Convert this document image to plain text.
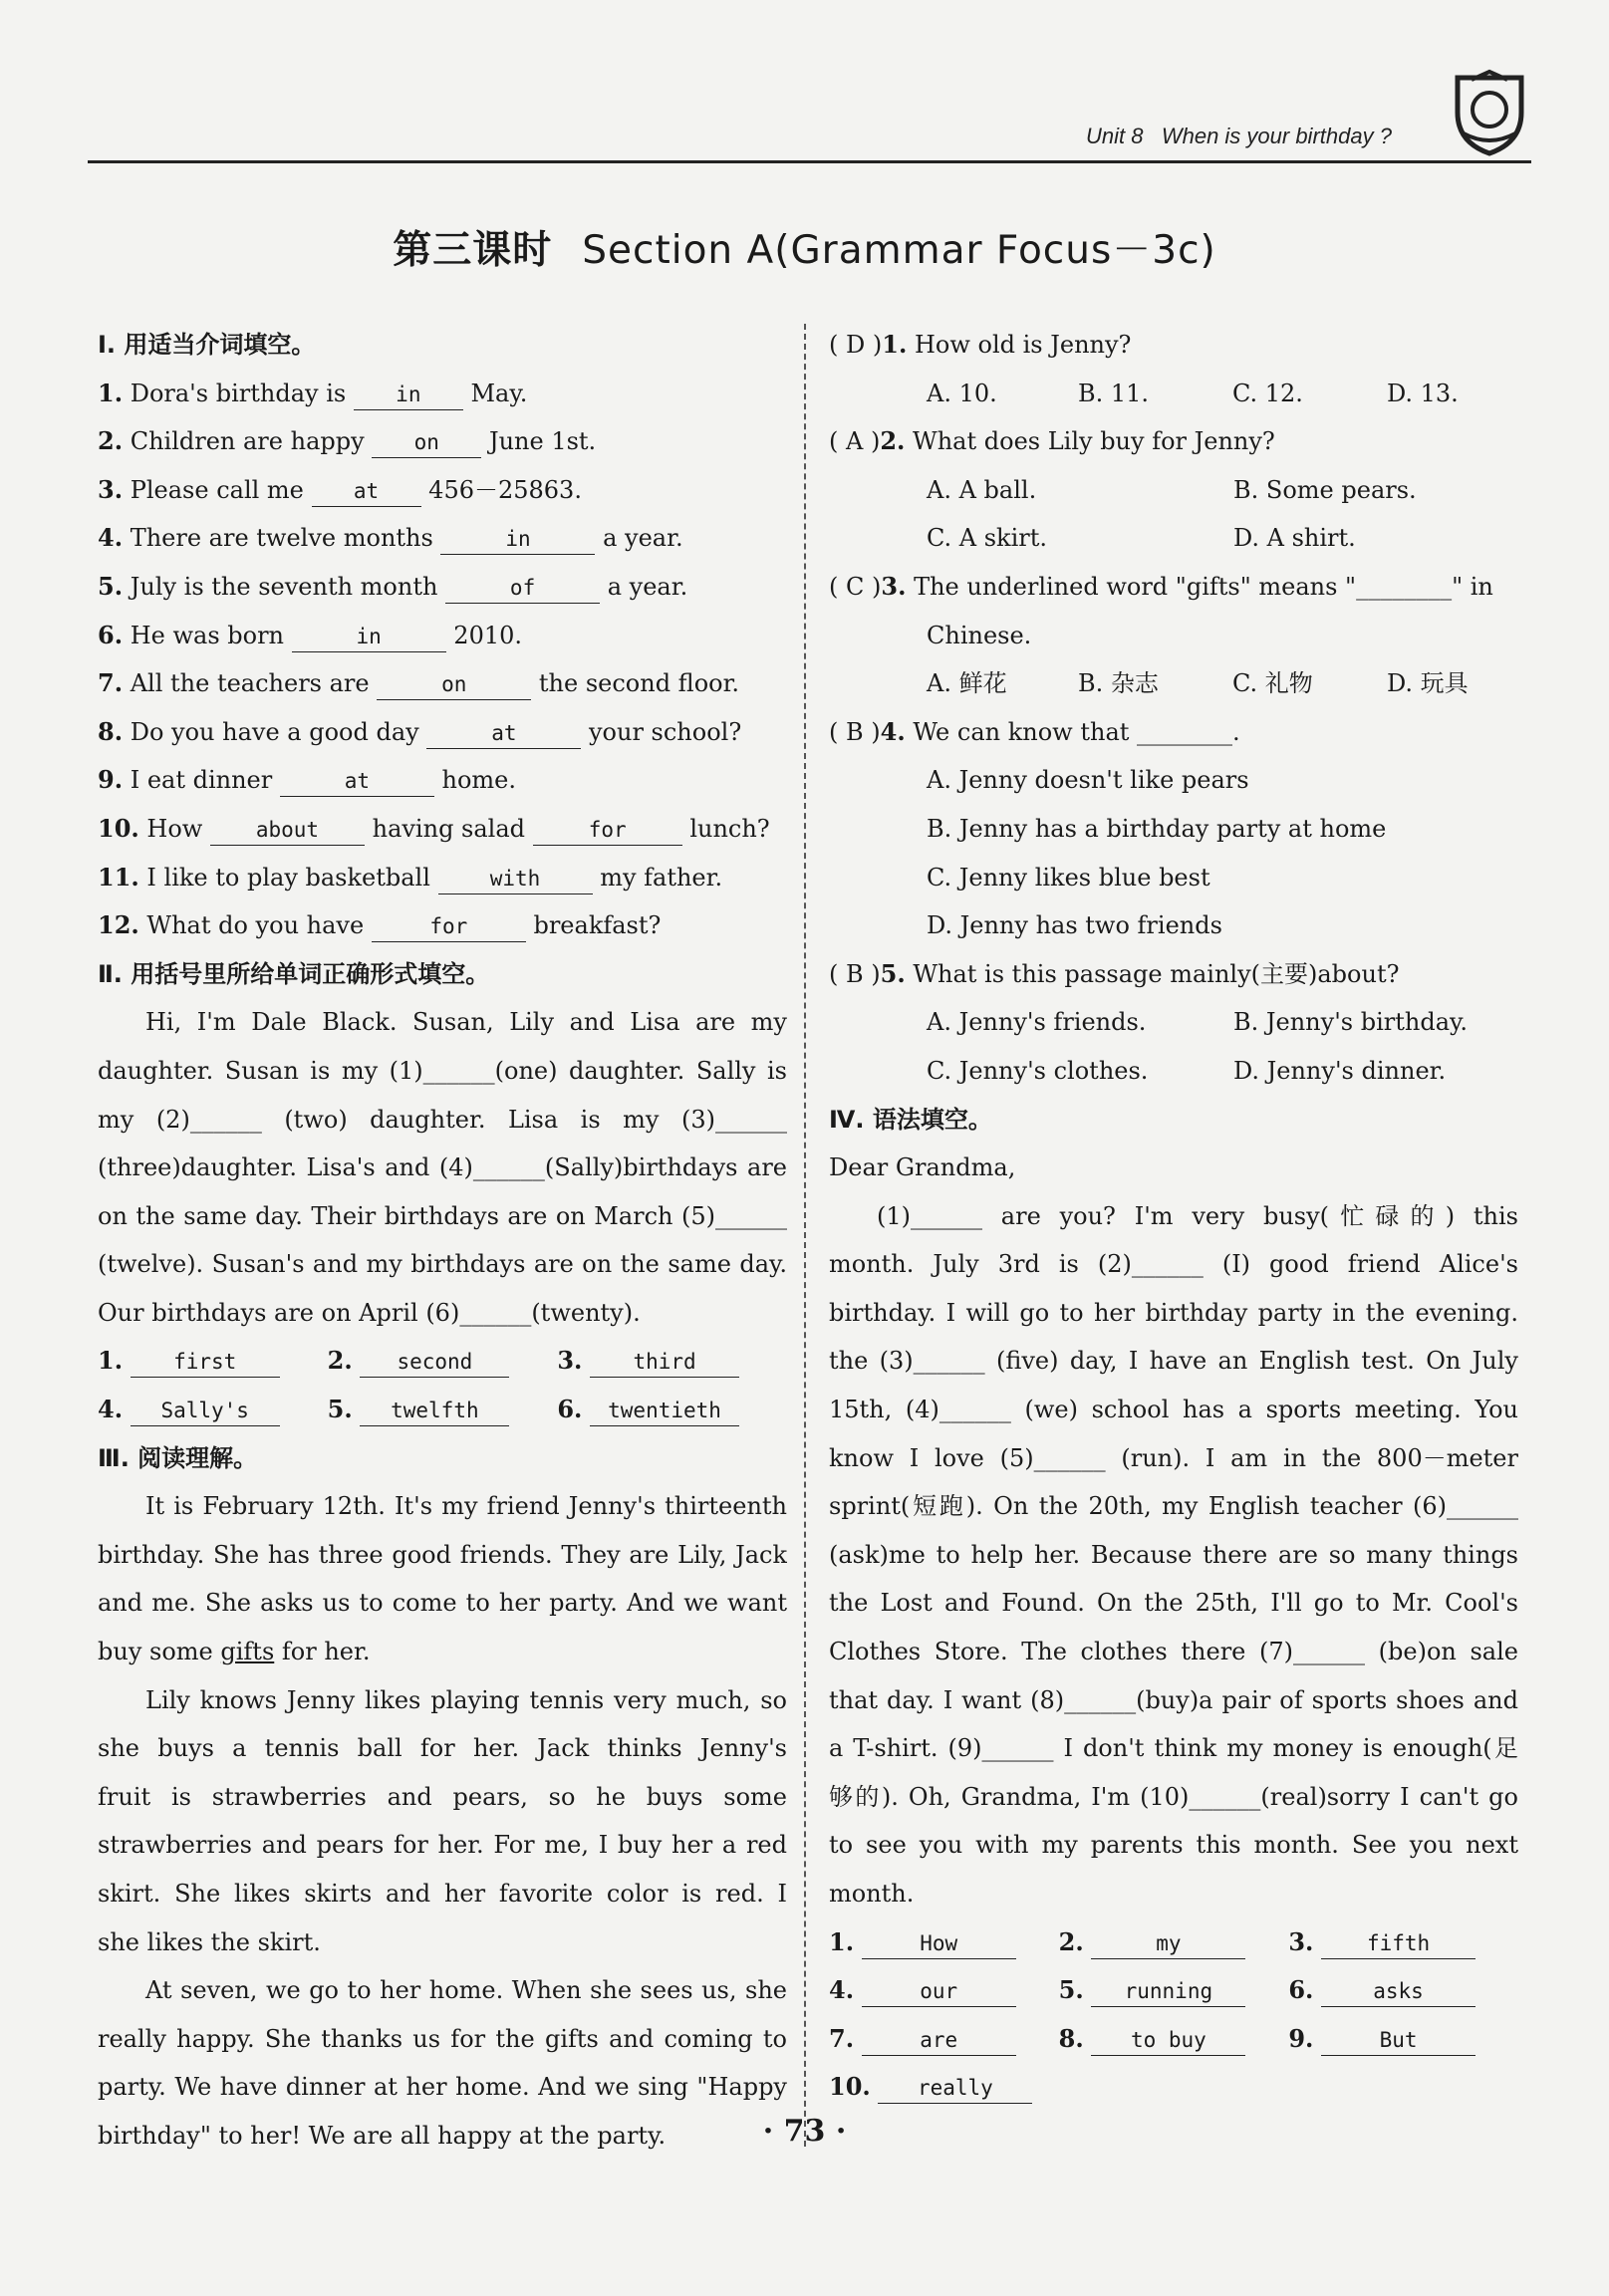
Unit 8 When is your birthday ?
第三课时 Section A(Grammar Focus－3c)
Ⅰ. 用适当介词填空。
1. Dora's birthday is in May.
2. Children are happy on June 1st.
3. Please call me at 456－25863.
4. There are twelve months	in	a year.
5. July is the seventh month	of	a year.
6. He was born	in	2010.
7. All the teachers are	on	the second floor.
8. Do you have a good day	at	your school?
9. I eat dinner	at	home.
10. How	about having salad	for	lunch?
11. I like to play basketball	with my father.
12. What do you have	for	breakfast?
Ⅱ. 用括号里所给单词正确形式填空。
Hi, I'm Dale Black. Susan, Lily and Lisa are my
daughter. Susan is my (1)______(one) daughter. Sally is
my (2)______ (two) daughter. Lisa is my (3)______
(three)daughter. Lisa's and (4)______(Sally)birthdays are
on the same day. Their birthdays are on March (5)______
(twelve). Susan's and my birthdays are on the same day.
Our birthdays are on April (6)______(twenty).
1. first	2. second	3. third
4. Sally's	5. twelfth	6. twentieth
Ⅲ. 阅读理解。
It is February 12th. It's my friend Jenny's thirteenth
birthday. She has three good friends. They are Lily, Jack
and me. She asks us to come to her party. And we want
buy some gifts for her.
Lily knows Jenny likes playing tennis very much, so
she buys a tennis ball for her. Jack thinks Jenny's
fruit is strawberries and pears, so he buys some
strawberries and pears for her. For me, I buy her a red
skirt. She likes skirts and her favorite color is red. I
she likes the skirt.
At seven, we go to her home. When she sees us, she
really happy. She thanks us for the gifts and coming to
party. We have dinner at her home. And we sing "Happy
birthday" to her! We are all happy at the party.
( D )1. How old is Jenny?
A. 10.	B. 11.	C. 12.	D. 13.
( A )2. What does Lily buy for Jenny?
A. A ball.	B. Some pears.
C. A skirt.	D. A shirt.
( C )3. The underlined word "gifts" means "________" in
Chinese.
A. 鲜花	B. 杂志	C. 礼物	D. 玩具
( B )4. We can know that ________.
A. Jenny doesn't like pears
B. Jenny has a birthday party at home
C. Jenny likes blue best
D. Jenny has two friends
( B )5. What is this passage mainly(主要)about?
A. Jenny's friends.	B. Jenny's birthday.
C. Jenny's clothes.	D. Jenny's dinner.
Ⅳ. 语法填空。
Dear Grandma,
(1)______ are you? I'm very busy(忙碌的) this
month. July 3rd is (2)______ (I) good friend Alice's
birthday. I will go to her birthday party in the evening.
the (3)______ (five) day, I have an English test. On July
15th, (4)______ (we) school has a sports meeting. You
know I love (5)______ (run). I am in the 800－meter
sprint(短跑). On the 20th, my English teacher (6)______
(ask)me to help her. Because there are so many things
the Lost and Found. On the 25th, I'll go to Mr. Cool's
Clothes Store. The clothes there (7)______ (be)on sale
that day. I want (8)______(buy)a pair of sports shoes and
a T-shirt. (9)______ I don't think my money is enough(足
够的). Oh, Grandma, I'm (10)______(real)sorry I can't go
to see you with my parents this month. See you next
month.
1.	How	2.	my	3.	fifth
4.	our	5. running	6.	asks
7.	are	8. to buy	9.	But
10. really
· 73 ·
